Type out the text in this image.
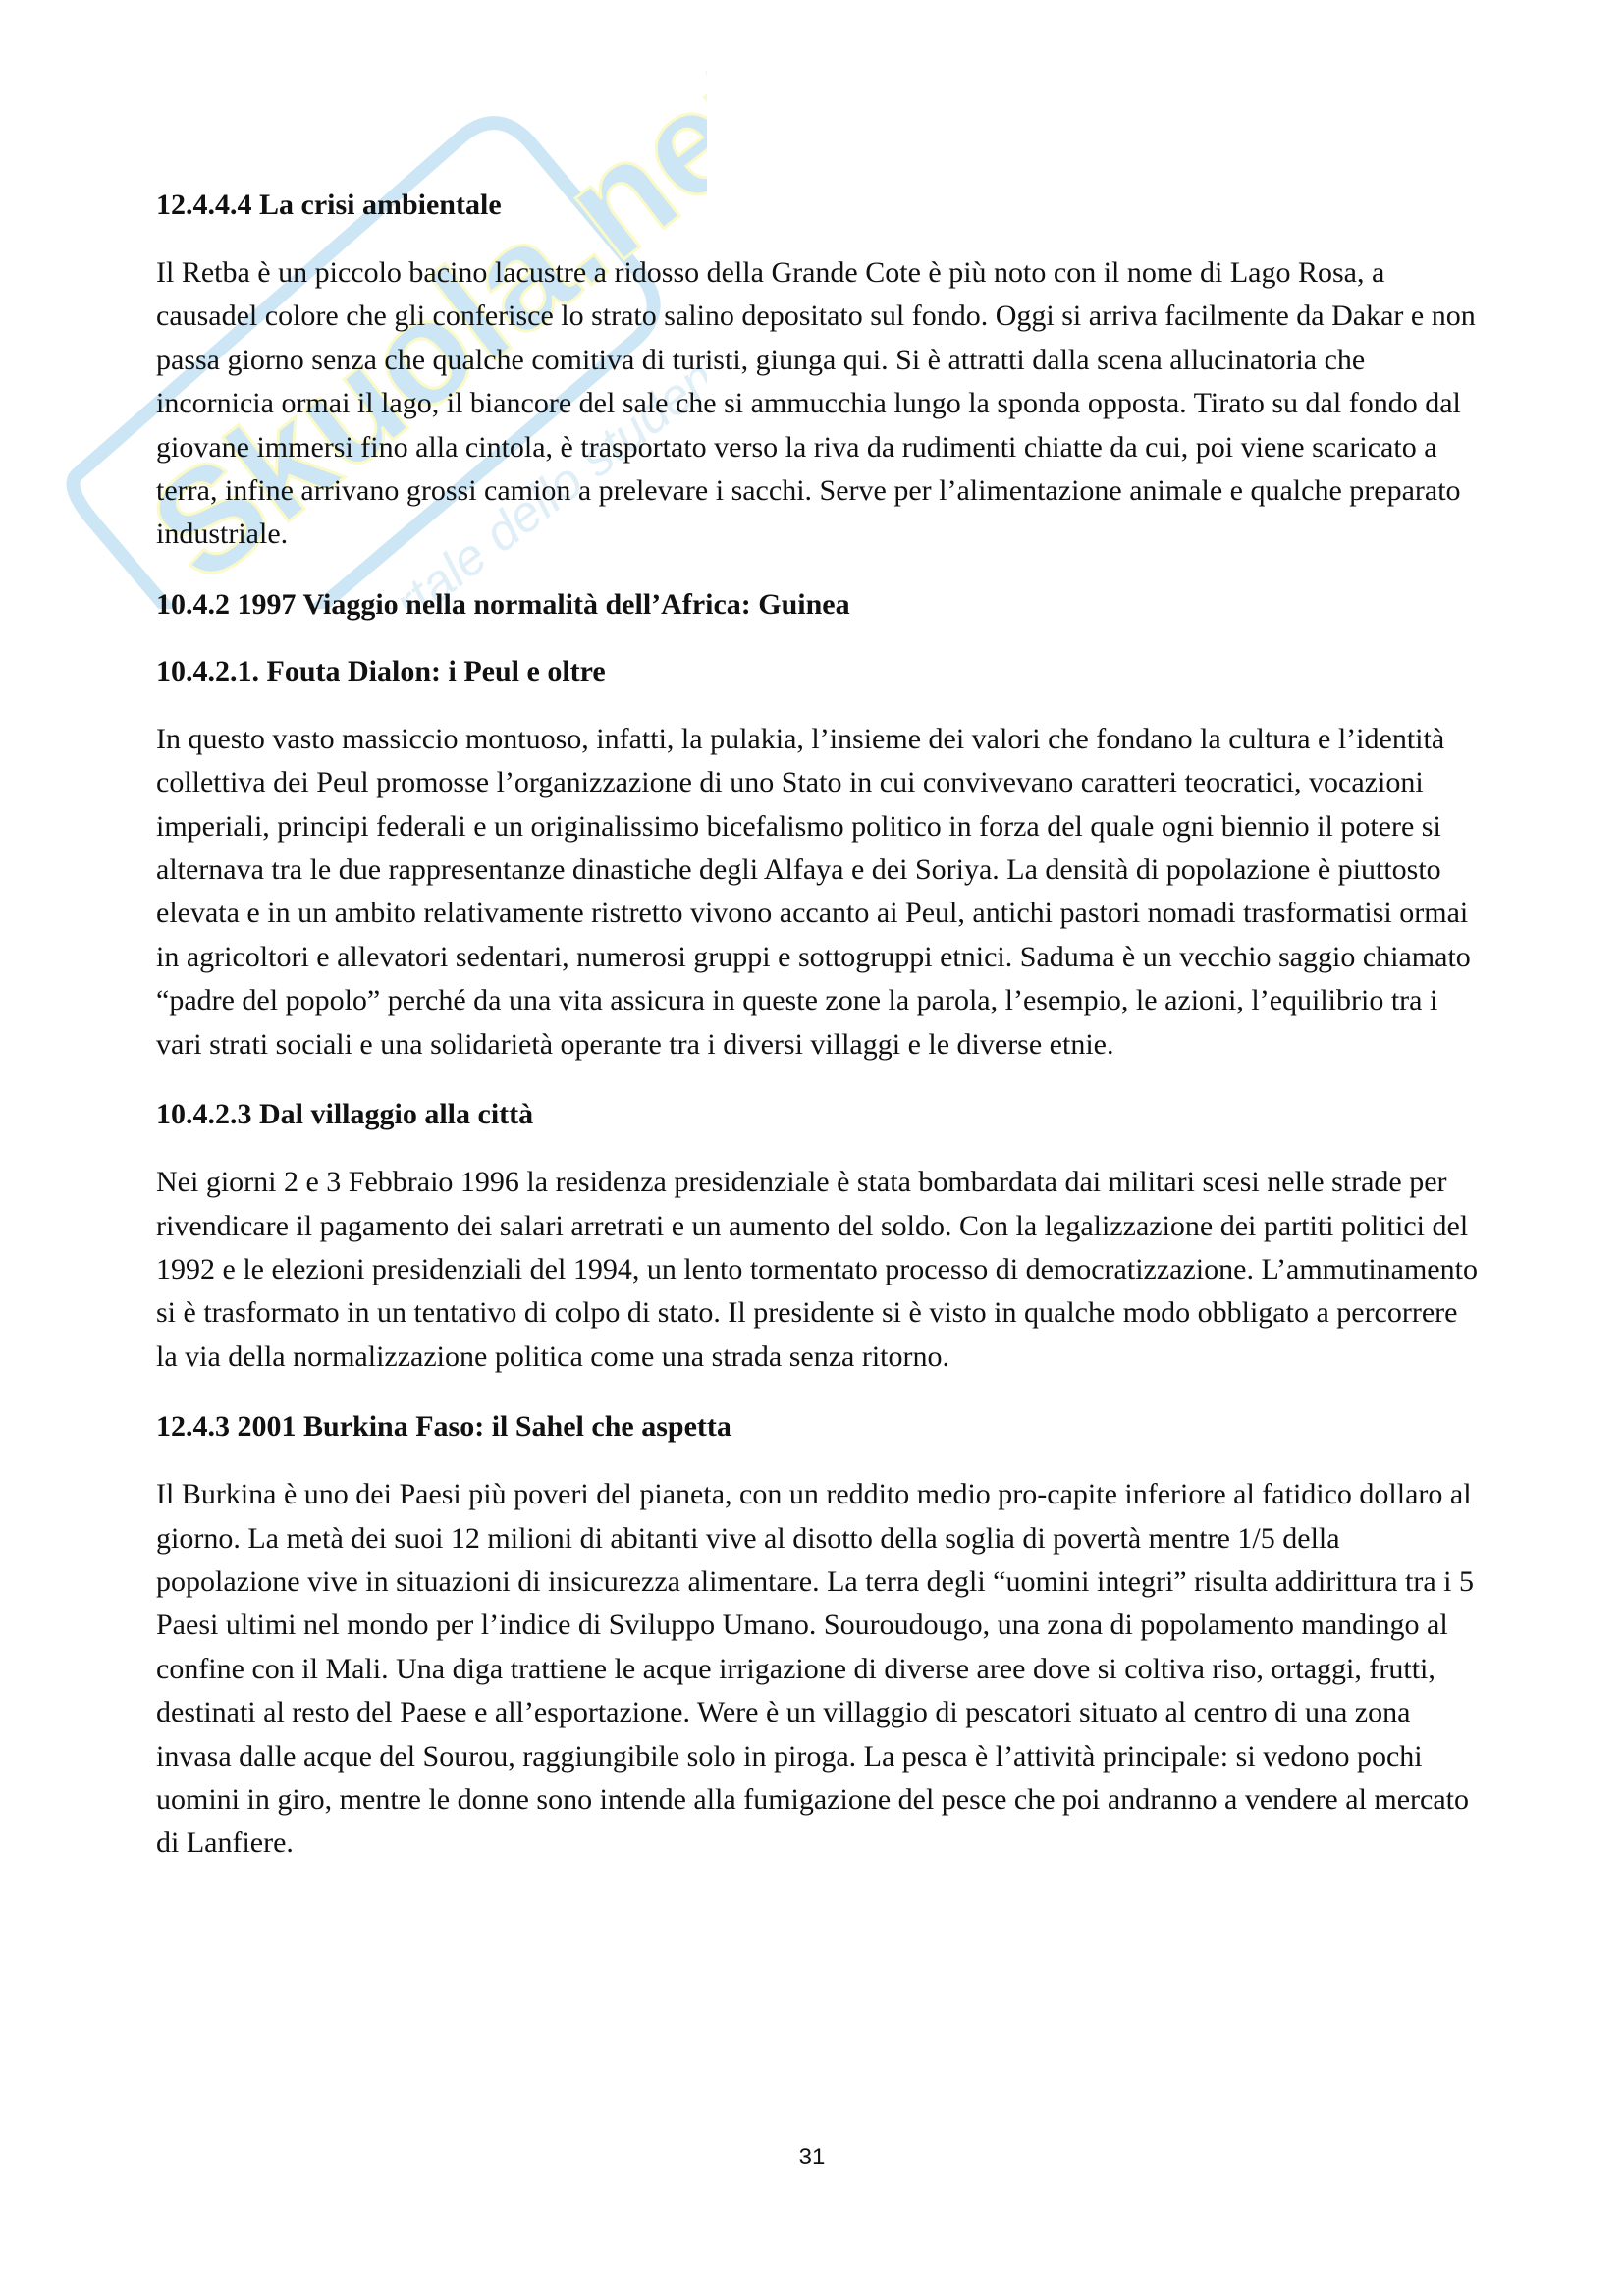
Skuola.net
portale dello studente
12.4.4.4 La crisi ambientale

Il Retba è un piccolo bacino lacustre a ridosso della Grande Cote è più noto con il nome di Lago Rosa, a causadel colore che gli conferisce lo strato salino depositato sul fondo. Oggi si arriva facilmente da Dakar e non passa giorno senza che qualche comitiva di turisti, giunga qui. Si è attratti dalla scena allucinatoria che incornicia ormai il lago, il biancore del sale che si ammucchia lungo la sponda opposta. Tirato su dal fondo dal giovane immersi fino alla cintola, è trasportato verso la riva da rudimenti chiatte da cui, poi viene scaricato a terra, infine arrivano grossi camion a prelevare i sacchi. Serve per l’alimentazione animale e qualche preparato industriale.

10.4.2 1997 Viaggio nella normalità dell’Africa: Guinea
10.4.2.1. Fouta Dialon: i Peul e oltre

In questo vasto massiccio montuoso, infatti, la pulakia, l’insieme dei valori che fondano la cultura e l’identità collettiva dei Peul promosse l’organizzazione di uno Stato in cui convivevano caratteri teocratici, vocazioni imperiali, principi federali e un originalissimo bicefalismo politico in forza del quale ogni biennio il potere si alternava tra le due rappresentanze dinastiche degli Alfaya e dei Soriya. La densità di popolazione è piuttosto elevata e in un ambito relativamente ristretto vivono accanto ai Peul, antichi pastori nomadi trasformatisi ormai in agricoltori e allevatori sedentari, numerosi gruppi e sottogruppi etnici. Saduma è un vecchio saggio chiamato “padre del popolo” perché da una vita assicura in queste zone la parola, l’esempio, le azioni, l’equilibrio tra i vari strati sociali e una solidarietà operante tra i diversi villaggi e le diverse etnie.

10.4.2.3 Dal villaggio alla città

Nei giorni 2 e 3 Febbraio 1996 la residenza presidenziale è stata bombardata dai militari scesi nelle strade per rivendicare il pagamento dei salari arretrati e un aumento del soldo. Con la legalizzazione dei partiti politici del 1992 e le elezioni presidenziali del 1994, un lento tormentato processo di democratizzazione. L’ammutinamento si è trasformato in un tentativo di colpo di stato. Il presidente si è visto in qualche modo obbligato a percorrere la via della normalizzazione politica come una strada senza ritorno.

12.4.3 2001 Burkina Faso: il Sahel che aspetta

Il Burkina è uno dei Paesi più poveri del pianeta, con un reddito medio pro-capite inferiore al fatidico dollaro al giorno. La metà dei suoi 12 milioni di abitanti vive al disotto della soglia di povertà mentre 1/5 della popolazione vive in situazioni di insicurezza alimentare. La terra degli “uomini integri” risulta addirittura tra i 5 Paesi ultimi nel mondo per l’indice di Sviluppo Umano. Souroudougo, una zona di popolamento mandingo al confine con il Mali. Una diga trattiene le acque irrigazione di diverse aree dove si coltiva riso, ortaggi, frutti, destinati al resto del Paese e all’esportazione. Were è un villaggio di pescatori situato al centro di una zona invasa dalle acque del Sourou, raggiungibile solo in piroga. La pesca è l’attività principale: si vedono pochi uomini in giro, mentre le donne sono intende alla fumigazione del pesce che poi andranno a vendere al mercato di Lanfiere.

31
